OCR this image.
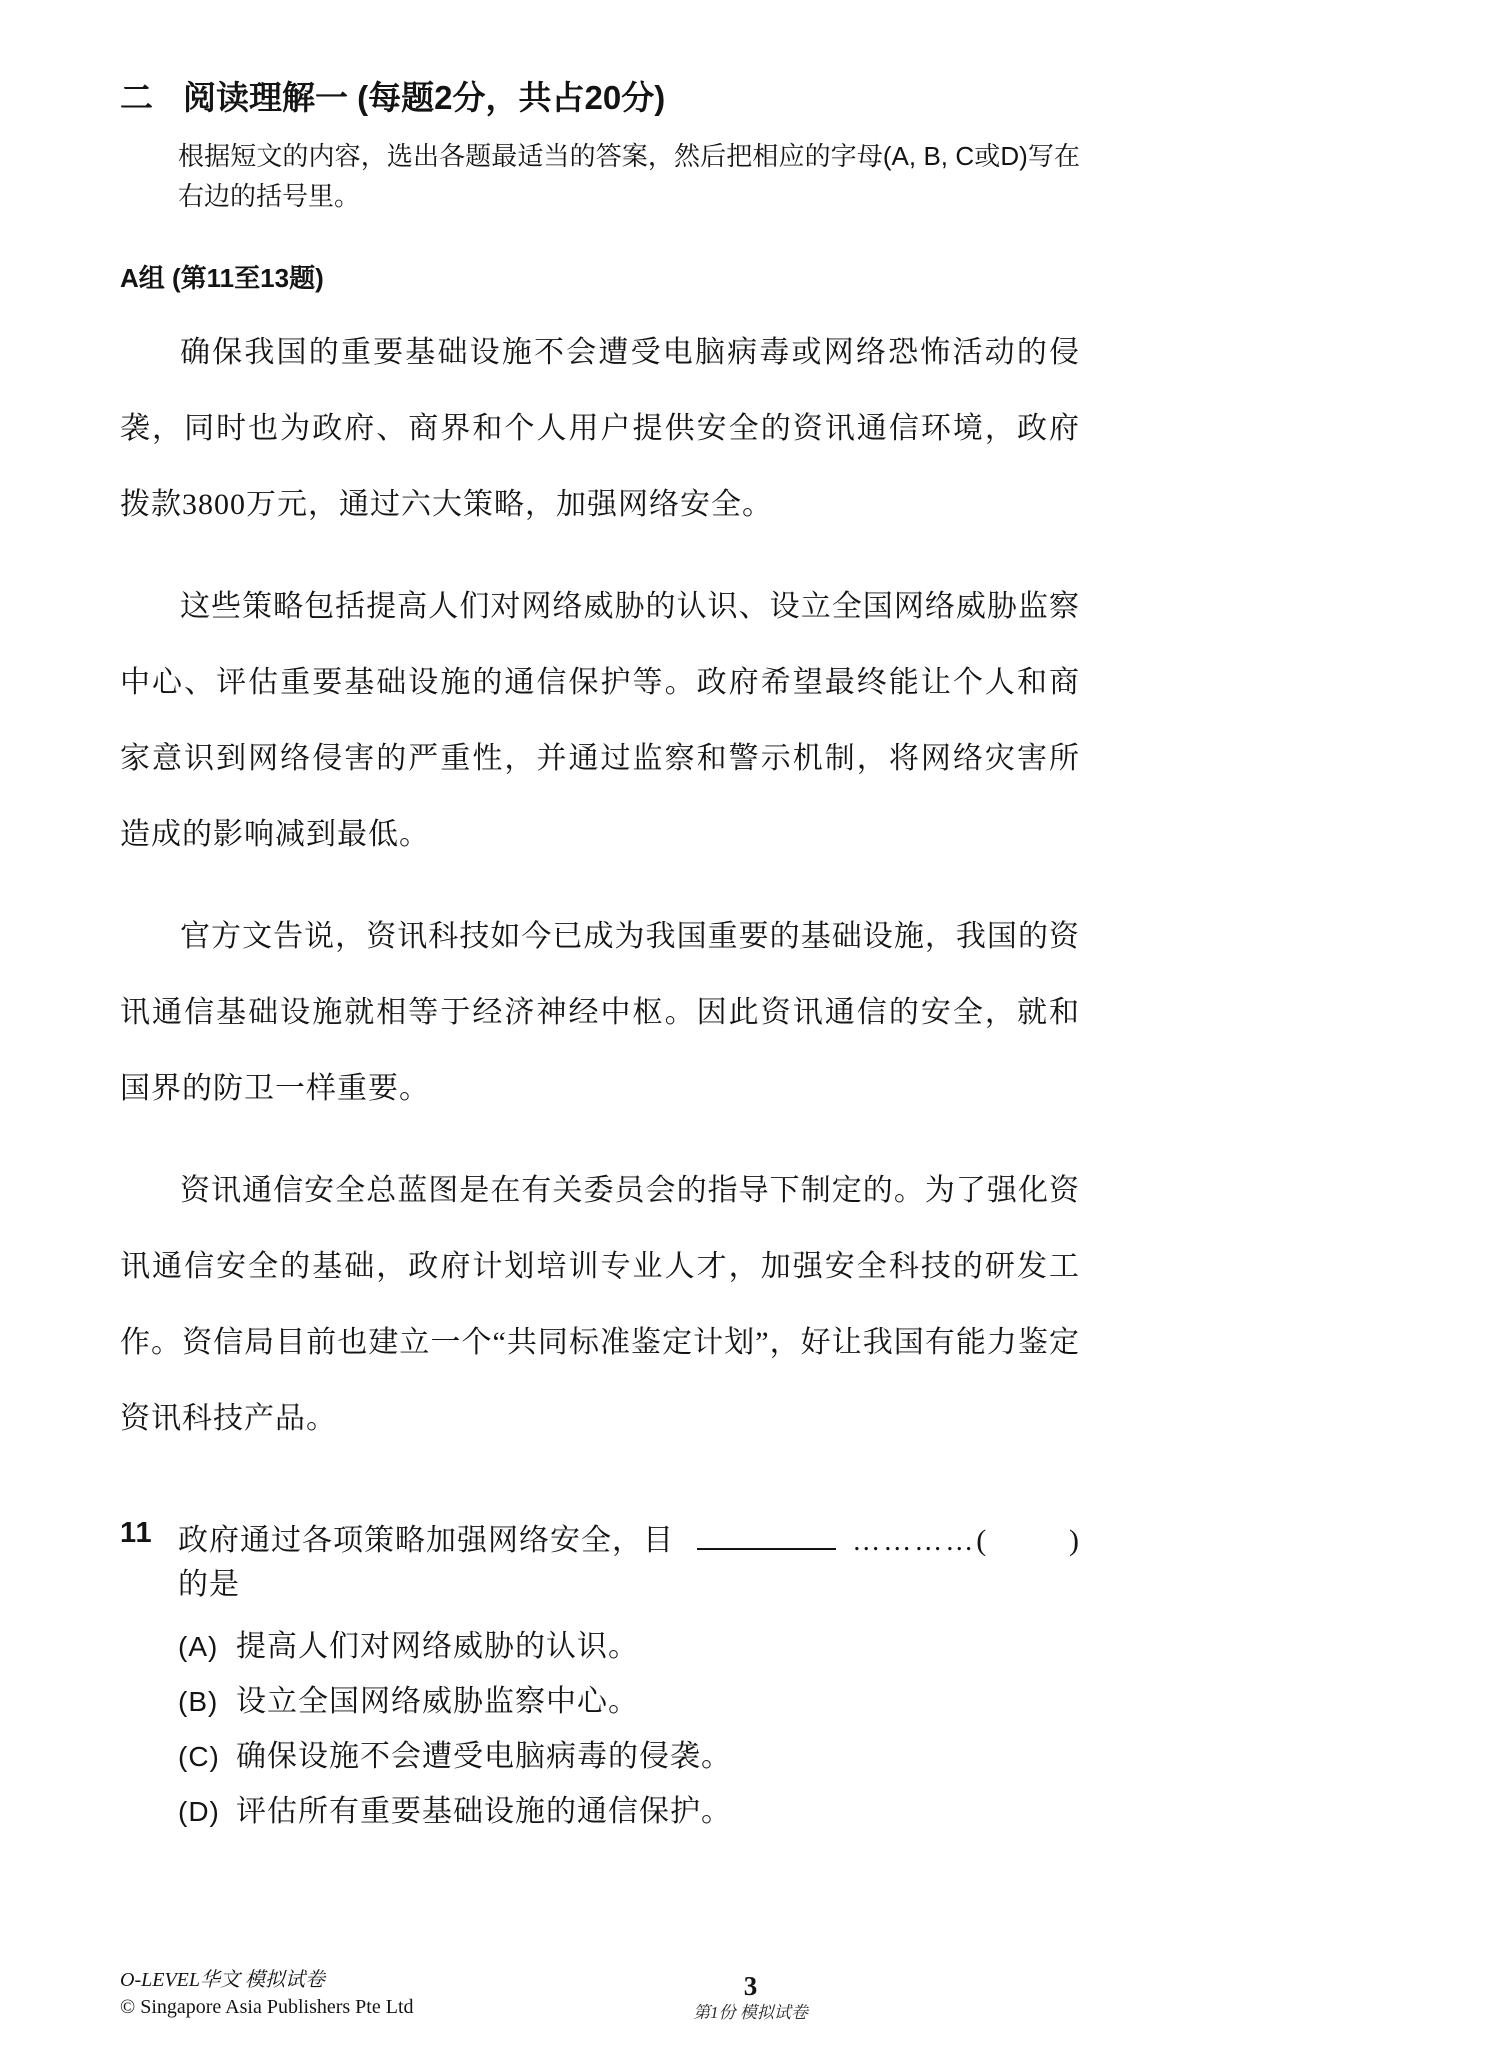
二 阅读理解一 (每题2分，共占20分)

根据短文的内容，选出各题最适当的答案，然后把相应的字母(A, B, C或D)写在右边的括号里。

A组 (第11至13题)

确保我国的重要基础设施不会遭受电脑病毒或网络恐怖活动的侵袭，同时也为政府、商界和个人用户提供安全的资讯通信环境，政府拨款3800万元，通过六大策略，加强网络安全。

这些策略包括提高人们对网络威胁的认识、设立全国网络威胁监察中心、评估重要基础设施的通信保护等。政府希望最终能让个人和商家意识到网络侵害的严重性，并通过监察和警示机制，将网络灾害所造成的影响减到最低。

官方文告说，资讯科技如今已成为我国重要的基础设施，我国的资讯通信基础设施就相等于经济神经中枢。因此资讯通信的安全，就和国界的防卫一样重要。

资讯通信安全总蓝图是在有关委员会的指导下制定的。为了强化资讯通信安全的基础，政府计划培训专业人才，加强安全科技的研发工作。资信局目前也建立一个“共同标准鉴定计划”，好让我国有能力鉴定资讯科技产品。

11 政府通过各项策略加强网络安全，目的是
………… (	)
(A) 提高人们对网络威胁的认识。
(B) 设立全国网络威胁监察中心。
(C) 确保设施不会遭受电脑病毒的侵袭。
(D) 评估所有重要基础设施的通信保护。
O-LEVEL华文 模拟试卷
© Singapore Asia Publishers Pte Ltd
3
第1份 模拟试卷
